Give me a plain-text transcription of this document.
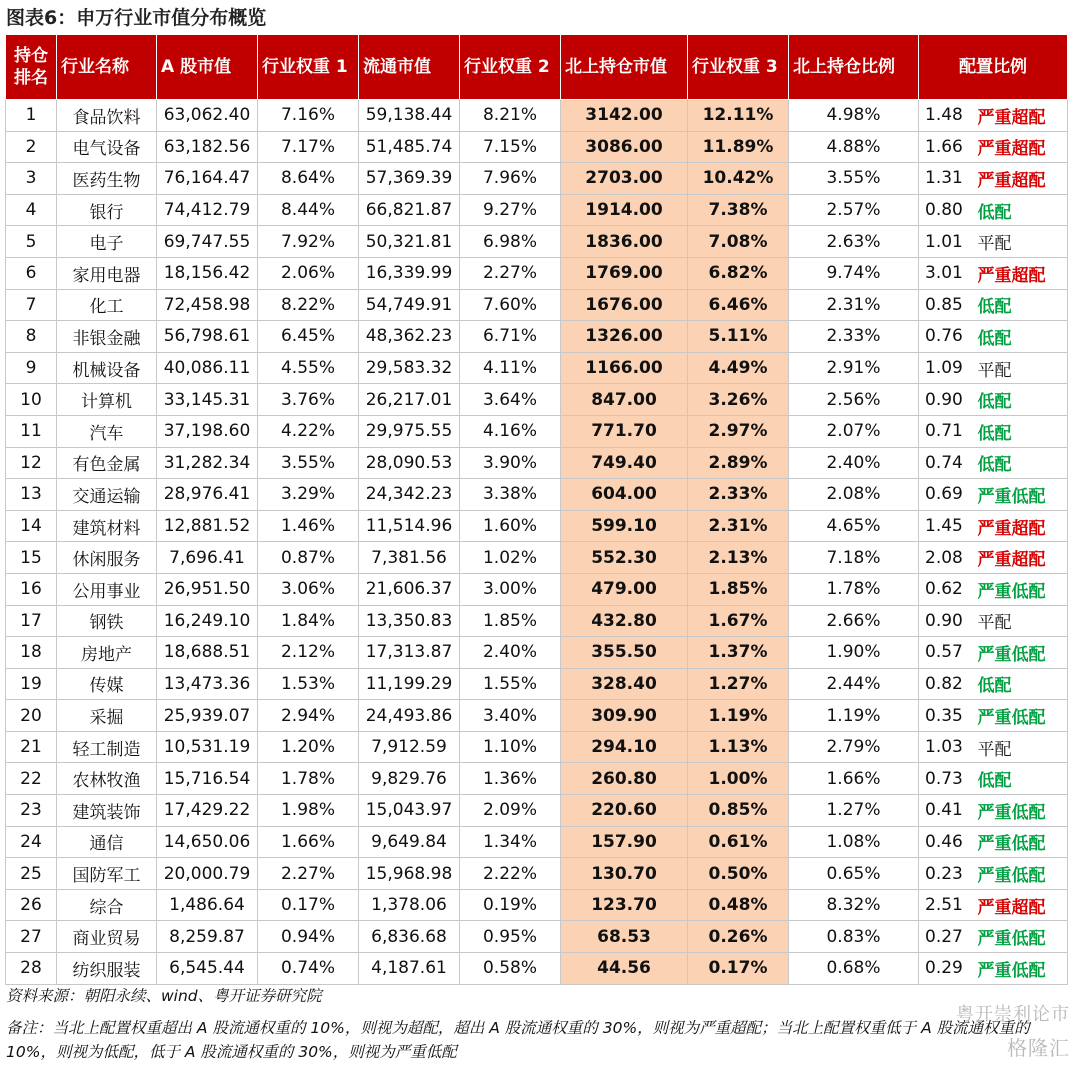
图表6：申万行业市值分布概览
持仓
排名	行业名称	A 股市值	行业权重 1	流通市值	行业权重 2	北上持仓市值	行业权重 3	北上持仓比例	配置比例	
1	食品饮料	63,062.40	7.16%	59,138.44	8.21%	3142.00	12.11%	4.98%	1.48	严重超配
2	电气设备	63,182.56	7.17%	51,485.74	7.15%	3086.00	11.89%	4.88%	1.66	严重超配
3	医药生物	76,164.47	8.64%	57,369.39	7.96%	2703.00	10.42%	3.55%	1.31	严重超配
4	银行	74,412.79	8.44%	66,821.87	9.27%	1914.00	7.38%	2.57%	0.80	低配
5	电子	69,747.55	7.92%	50,321.81	6.98%	1836.00	7.08%	2.63%	1.01	平配
6	家用电器	18,156.42	2.06%	16,339.99	2.27%	1769.00	6.82%	9.74%	3.01	严重超配
7	化工	72,458.98	8.22%	54,749.91	7.60%	1676.00	6.46%	2.31%	0.85	低配
8	非银金融	56,798.61	6.45%	48,362.23	6.71%	1326.00	5.11%	2.33%	0.76	低配
9	机械设备	40,086.11	4.55%	29,583.32	4.11%	1166.00	4.49%	2.91%	1.09	平配
10	计算机	33,145.31	3.76%	26,217.01	3.64%	847.00	3.26%	2.56%	0.90	低配
11	汽车	37,198.60	4.22%	29,975.55	4.16%	771.70	2.97%	2.07%	0.71	低配
12	有色金属	31,282.34	3.55%	28,090.53	3.90%	749.40	2.89%	2.40%	0.74	低配
13	交通运输	28,976.41	3.29%	24,342.23	3.38%	604.00	2.33%	2.08%	0.69	严重低配
14	建筑材料	12,881.52	1.46%	11,514.96	1.60%	599.10	2.31%	4.65%	1.45	严重超配
15	休闲服务	7,696.41	0.87%	7,381.56	1.02%	552.30	2.13%	7.18%	2.08	严重超配
16	公用事业	26,951.50	3.06%	21,606.37	3.00%	479.00	1.85%	1.78%	0.62	严重低配
17	钢铁	16,249.10	1.84%	13,350.83	1.85%	432.80	1.67%	2.66%	0.90	平配
18	房地产	18,688.51	2.12%	17,313.87	2.40%	355.50	1.37%	1.90%	0.57	严重低配
19	传媒	13,473.36	1.53%	11,199.29	1.55%	328.40	1.27%	2.44%	0.82	低配
20	采掘	25,939.07	2.94%	24,493.86	3.40%	309.90	1.19%	1.19%	0.35	严重低配
21	轻工制造	10,531.19	1.20%	7,912.59	1.10%	294.10	1.13%	2.79%	1.03	平配
22	农林牧渔	15,716.54	1.78%	9,829.76	1.36%	260.80	1.00%	1.66%	0.73	低配
23	建筑装饰	17,429.22	1.98%	15,043.97	2.09%	220.60	0.85%	1.27%	0.41	严重低配
24	通信	14,650.06	1.66%	9,649.84	1.34%	157.90	0.61%	1.08%	0.46	严重低配
25	国防军工	20,000.79	2.27%	15,968.98	2.22%	130.70	0.50%	0.65%	0.23	严重低配
26	综合	1,486.64	0.17%	1,378.06	0.19%	123.70	0.48%	8.32%	2.51	严重超配
27	商业贸易	8,259.87	0.94%	6,836.68	0.95%	68.53	0.26%	0.83%	0.27	严重低配
28	纺织服装	6,545.44	0.74%	4,187.61	0.58%	44.56	0.17%	0.68%	0.29	严重低配
资料来源：朝阳永续、wind、粤开证券研究院
备注：当北上配置权重超出 A 股流通权重的 10%，则视为超配，超出 A 股流通权重的 30%，则视为严重超配；当北上配置权重低于 A 股流通权重的 10%，则视为低配，低于 A 股流通权重的 30%，则视为严重低配
粤开崇利论市
格隆汇
